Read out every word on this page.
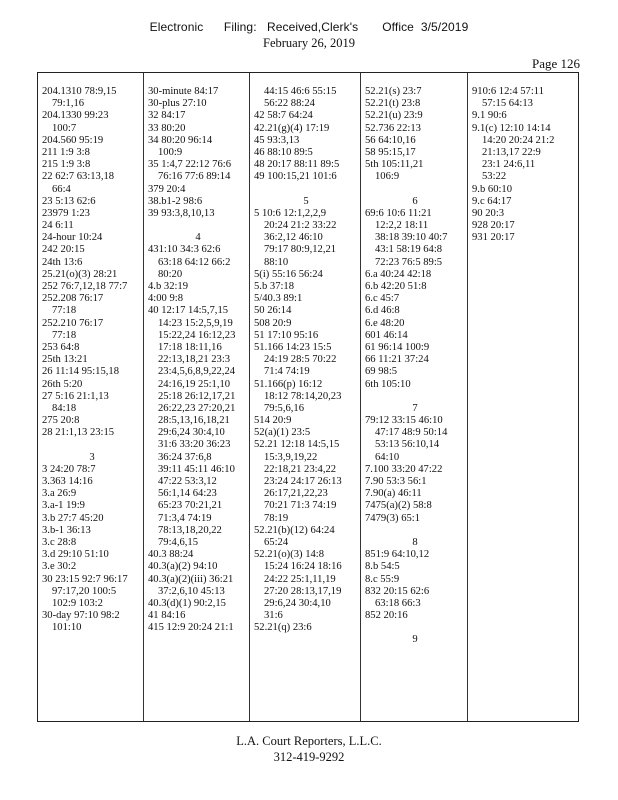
Electronic      Filing:   Received,Clerk's       Office  3/5/2019
February 26, 2019
Page 126
204.1310 78:9,15
79:1,16
204.1330 99:23
100:7
204.560 95:19
211 1:9 3:8
215 1:9 3:8
22 62:7 63:13,18
66:4
23 5:13 62:6
23979 1:23
24 6:11
24-hour 10:24
242 20:15
24th 13:6
25.21(o)(3) 28:21
252 76:7,12,18 77:7
252.208 76:17
77:18
252.210 76:17
77:18
253 64:8
25th 13:21
26 11:14 95:15,18
26th 5:20
27 5:16 21:1,13
84:18
275 20:8
28 21:1,13 23:15
3
3 24:20 78:7
3.363 14:16
3.a 26:9
3.a-1 19:9
3.b 27:7 45:20
3.b-1 36:13
3.c 28:8
3.d 29:10 51:10
3.e 30:2
30 23:15 92:7 96:17
97:17,20 100:5
102:9 103:2
30-day 97:10 98:2
101:10
30-minute 84:17
30-plus 27:10
32 84:17
33 80:20
34 80:20 96:14
100:9
35 1:4,7 22:12 76:6
76:16 77:6 89:14
379 20:4
38.b1-2 98:6
39 93:3,8,10,13
4
431:10 34:3 62:6
63:18 64:12 66:2
80:20
4.b 32:19
4:00 9:8
40 12:17 14:5,7,15
14:23 15:2,5,9,19
15:22,24 16:12,23
17:18 18:11,16
22:13,18,21 23:3
23:4,5,6,8,9,22,24
24:16,19 25:1,10
25:18 26:12,17,21
26:22,23 27:20,21
28:5,13,16,18,21
29:6,24 30:4,10
31:6 33:20 36:23
36:24 37:6,8
39:11 45:11 46:10
47:22 53:3,12
56:1,14 64:23
65:23 70:21,21
71:3,4 74:19
78:13,18,20,22
79:4,6,15
40.3 88:24
40.3(a)(2) 94:10
40.3(a)(2)(iii) 36:21
37:2,6,10 45:13
40.3(d)(1) 90:2,15
41 84:16
415 12:9 20:24 21:1
44:15 46:6 55:15
56:22 88:24
42 58:7 64:24
42.21(g)(4) 17:19
45 93:3,13
46 88:10 89:5
48 20:17 88:11 89:5
49 100:15,21 101:6
5
5 10:6 12:1,2,2,9
20:24 21:2 33:22
36:2,12 46:10
79:17 80:9,12,21
88:10
5(i) 55:16 56:24
5.b 37:18
5/40.3 89:1
50 26:14
508 20:9
51 17:10 95:16
51.166 14:23 15:5
24:19 28:5 70:22
71:4 74:19
51.166(p) 16:12
18:12 78:14,20,23
79:5,6,16
514 20:9
52(a)(1) 23:5
52.21 12:18 14:5,15
15:3,9,19,22
22:18,21 23:4,22
23:24 24:17 26:13
26:17,21,22,23
70:21 71:3 74:19
78:19
52.21(b)(12) 64:24
65:24
52.21(o)(3) 14:8
15:24 16:24 18:16
24:22 25:1,11,19
27:20 28:13,17,19
29:6,24 30:4,10
31:6
52.21(q) 23:6
52.21(s) 23:7
52.21(t) 23:8
52.21(u) 23:9
52.736 22:13
56 64:10,16
58 95:15,17
5th 105:11,21
106:9
6
69:6 10:6 11:21
12:2,2 18:11
38:18 39:10 40:7
43:1 58:19 64:8
72:23 76:5 89:5
6.a 40:24 42:18
6.b 42:20 51:8
6.c 45:7
6.d 46:8
6.e 48:20
601 46:14
61 96:14 100:9
66 11:21 37:24
69 98:5
6th 105:10
7
79:12 33:15 46:10
47:17 48:9 50:14
53:13 56:10,14
64:10
7.100 33:20 47:22
7.90 53:3 56:1
7.90(a) 46:11
7475(a)(2) 58:8
7479(3) 65:1
8
851:9 64:10,12
8.b 54:5
8.c 55:9
832 20:15 62:6
63:18 66:3
852 20:16
9
910:6 12:4 57:11
57:15 64:13
9.1 90:6
9.1(c) 12:10 14:14
14:20 20:24 21:2
21:13,17 22:9
23:1 24:6,11
53:22
9.b 60:10
9.c 64:17
90 20:3
928 20:17
931 20:17
L.A. Court Reporters, L.L.C.
312-419-9292
